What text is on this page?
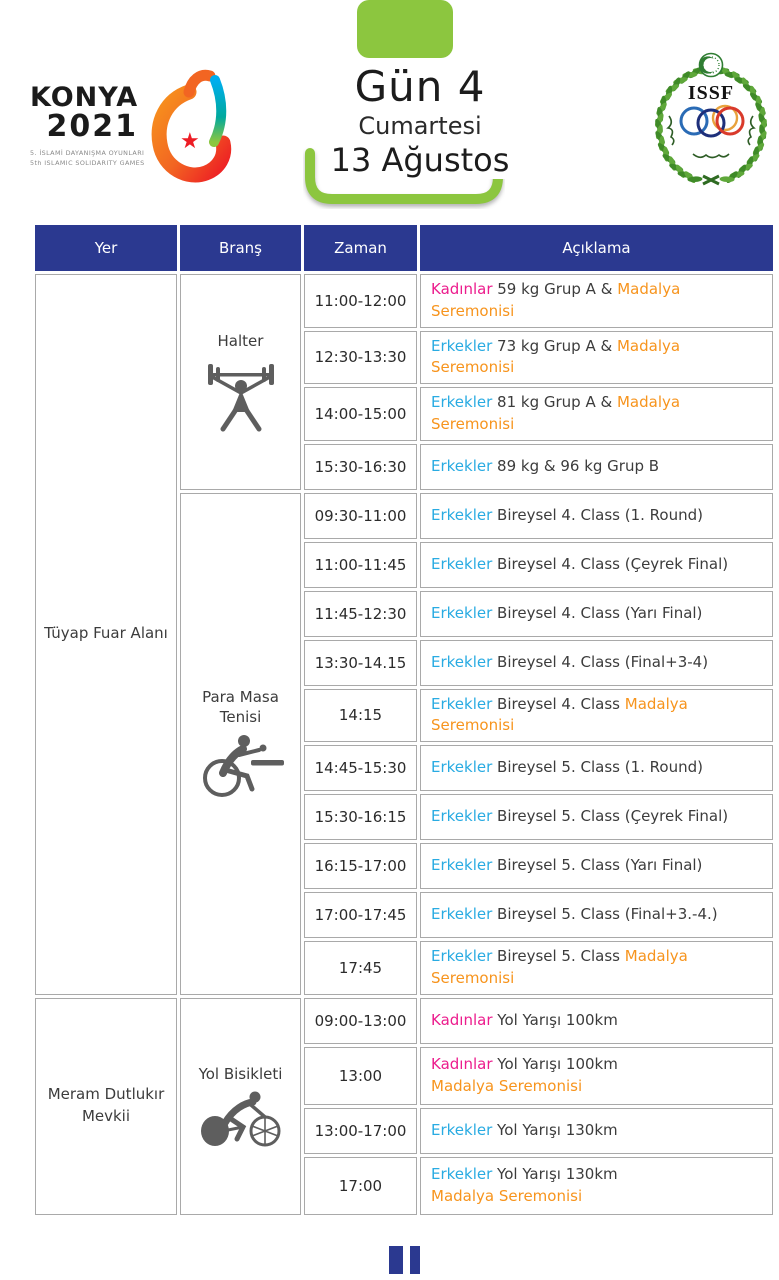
KONYA
2021
5. İSLAMİ DAYANIŞMA OYUNLARI
5th ISLAMIC SOLIDARITY GAMES
★
Gün 4
Cumartesi
13 Ağustos
ISSF
Yer	Branş	Zaman	Açıklama
Tüyap Fuar Alanı	Halter	11:00-12:00	Kadınlar 59 kg Grup A & Madalya Seremonisi
		12:30-13:30	Erkekler 73 kg Grup A & Madalya Seremonisi
		14:00-15:00	Erkekler 81 kg Grup A & Madalya Seremonisi
		15:30-16:30	Erkekler 89 kg & 96 kg Grup B

	Para Masa Tenisi	09:30-11:00	Erkekler Bireysel 4. Class (1. Round)
		11:00-11:45	Erkekler Bireysel 4. Class (Çeyrek Final)
		11:45-12:30	Erkekler Bireysel 4. Class (Yarı Final)
		13:30-14.15	Erkekler Bireysel 4. Class (Final+3-4)
		14:15	Erkekler Bireysel 4. Class Madalya Seremonisi
		14:45-15:30	Erkekler Bireysel 5. Class (1. Round)
		15:30-16:15	Erkekler Bireysel 5. Class (Çeyrek Final)
		16:15-17:00	Erkekler Bireysel 5. Class (Yarı Final)
		17:00-17:45	Erkekler Bireysel 5. Class (Final+3.-4.)
		17:45	Erkekler Bireysel 5. Class Madalya Seremonisi
Meram Dutlukır Mevkii	Yol Bisikleti	09:00-13:00	Kadınlar Yol Yarışı 100km
		13:00	Kadınlar Yol Yarışı 100km
Madalya Seremonisi
		13:00-17:00	Erkekler Yol Yarışı 130km
		17:00	Erkekler Yol Yarışı 130km
Madalya Seremonisi
